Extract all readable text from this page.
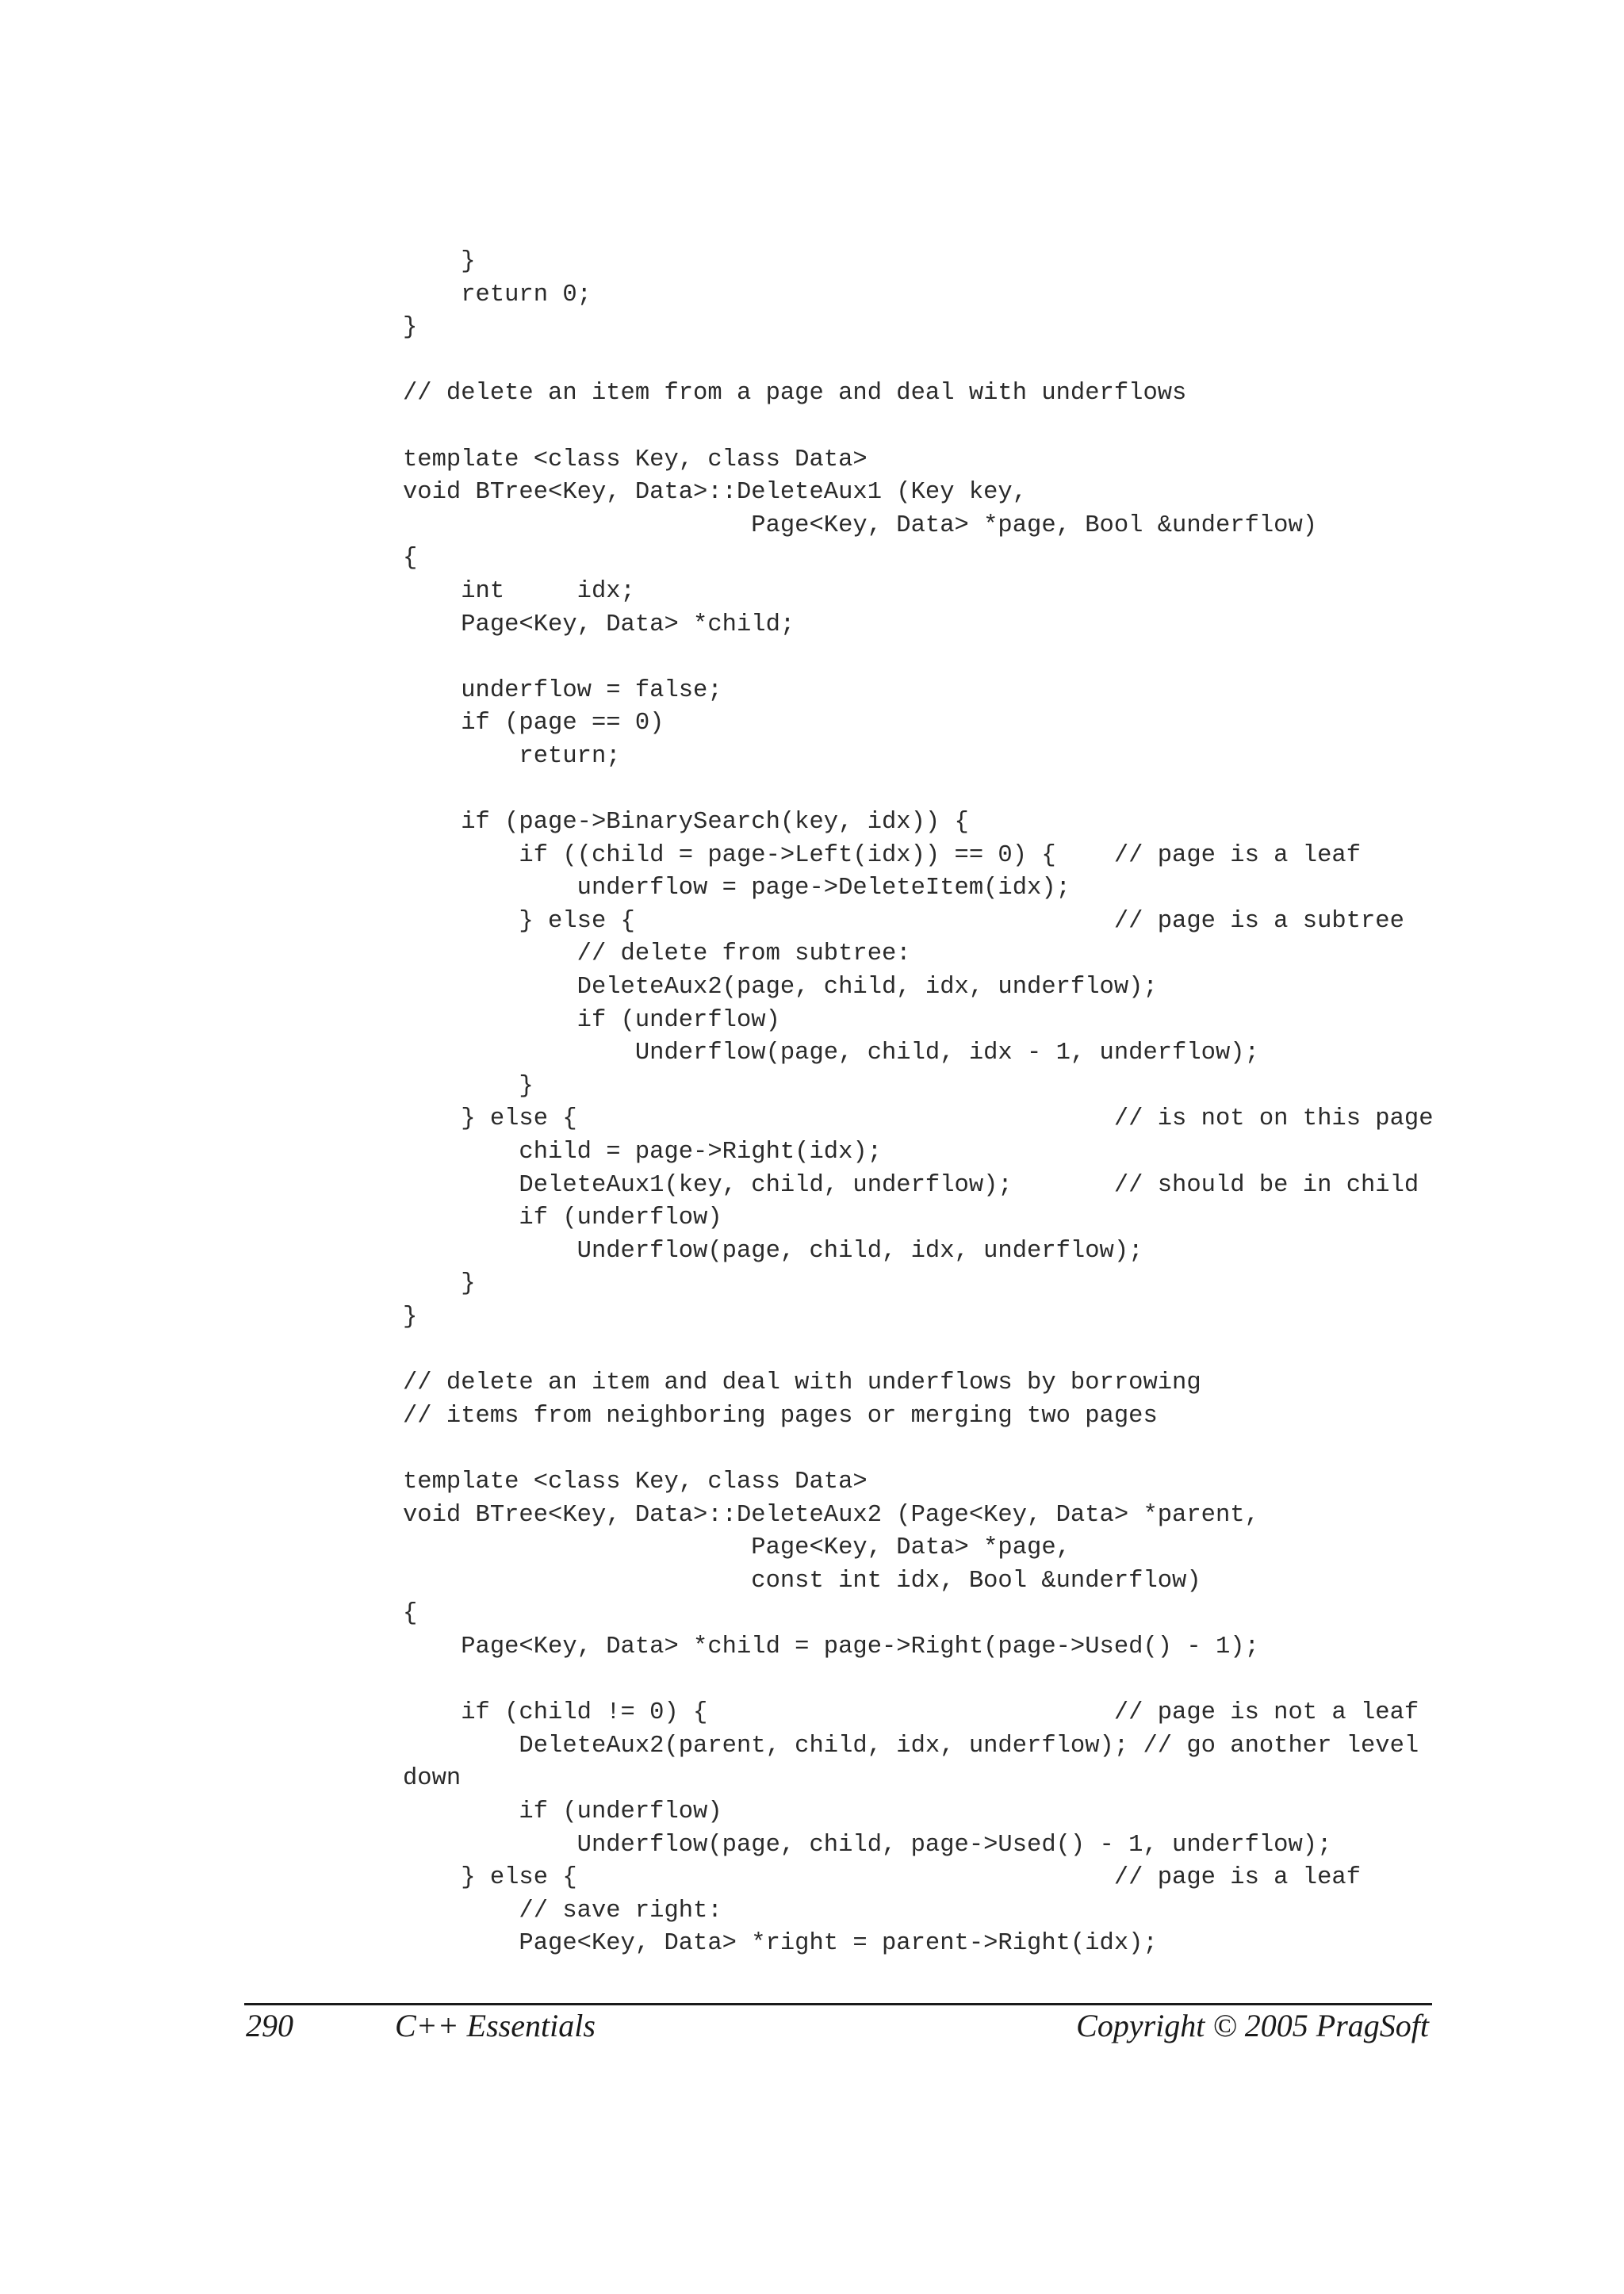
}
return 0;
}
// delete an item from a page and deal with underflows
template <class Key, class Data>
void BTree<Key, Data>::DeleteAux1 (Key key,
Page<Key, Data> *page, Bool &underflow)
{
int     idx;
Page<Key, Data> *child;
underflow = false;
if (page == 0)
return;
if (page->BinarySearch(key, idx)) {
if ((child = page->Left(idx)) == 0) {    // page is a leaf
underflow = page->DeleteItem(idx);
} else {                                 // page is a subtree
// delete from subtree:
DeleteAux2(page, child, idx, underflow);
if (underflow)
Underflow(page, child, idx - 1, underflow);
}
} else {                                     // is not on this page
child = page->Right(idx);
DeleteAux1(key, child, underflow);       // should be in child
if (underflow)
Underflow(page, child, idx, underflow);
}
}
// delete an item and deal with underflows by borrowing
// items from neighboring pages or merging two pages
template <class Key, class Data>
void BTree<Key, Data>::DeleteAux2 (Page<Key, Data> *parent,
Page<Key, Data> *page,
const int idx, Bool &underflow)
{
Page<Key, Data> *child = page->Right(page->Used() - 1);
if (child != 0) {                            // page is not a leaf
DeleteAux2(parent, child, idx, underflow); // go another level
down
if (underflow)
Underflow(page, child, page->Used() - 1, underflow);
} else {                                     // page is a leaf
// save right:
Page<Key, Data> *right = parent->Right(idx);

290	C++ Essentials	Copyright © 2005 PragSoft
